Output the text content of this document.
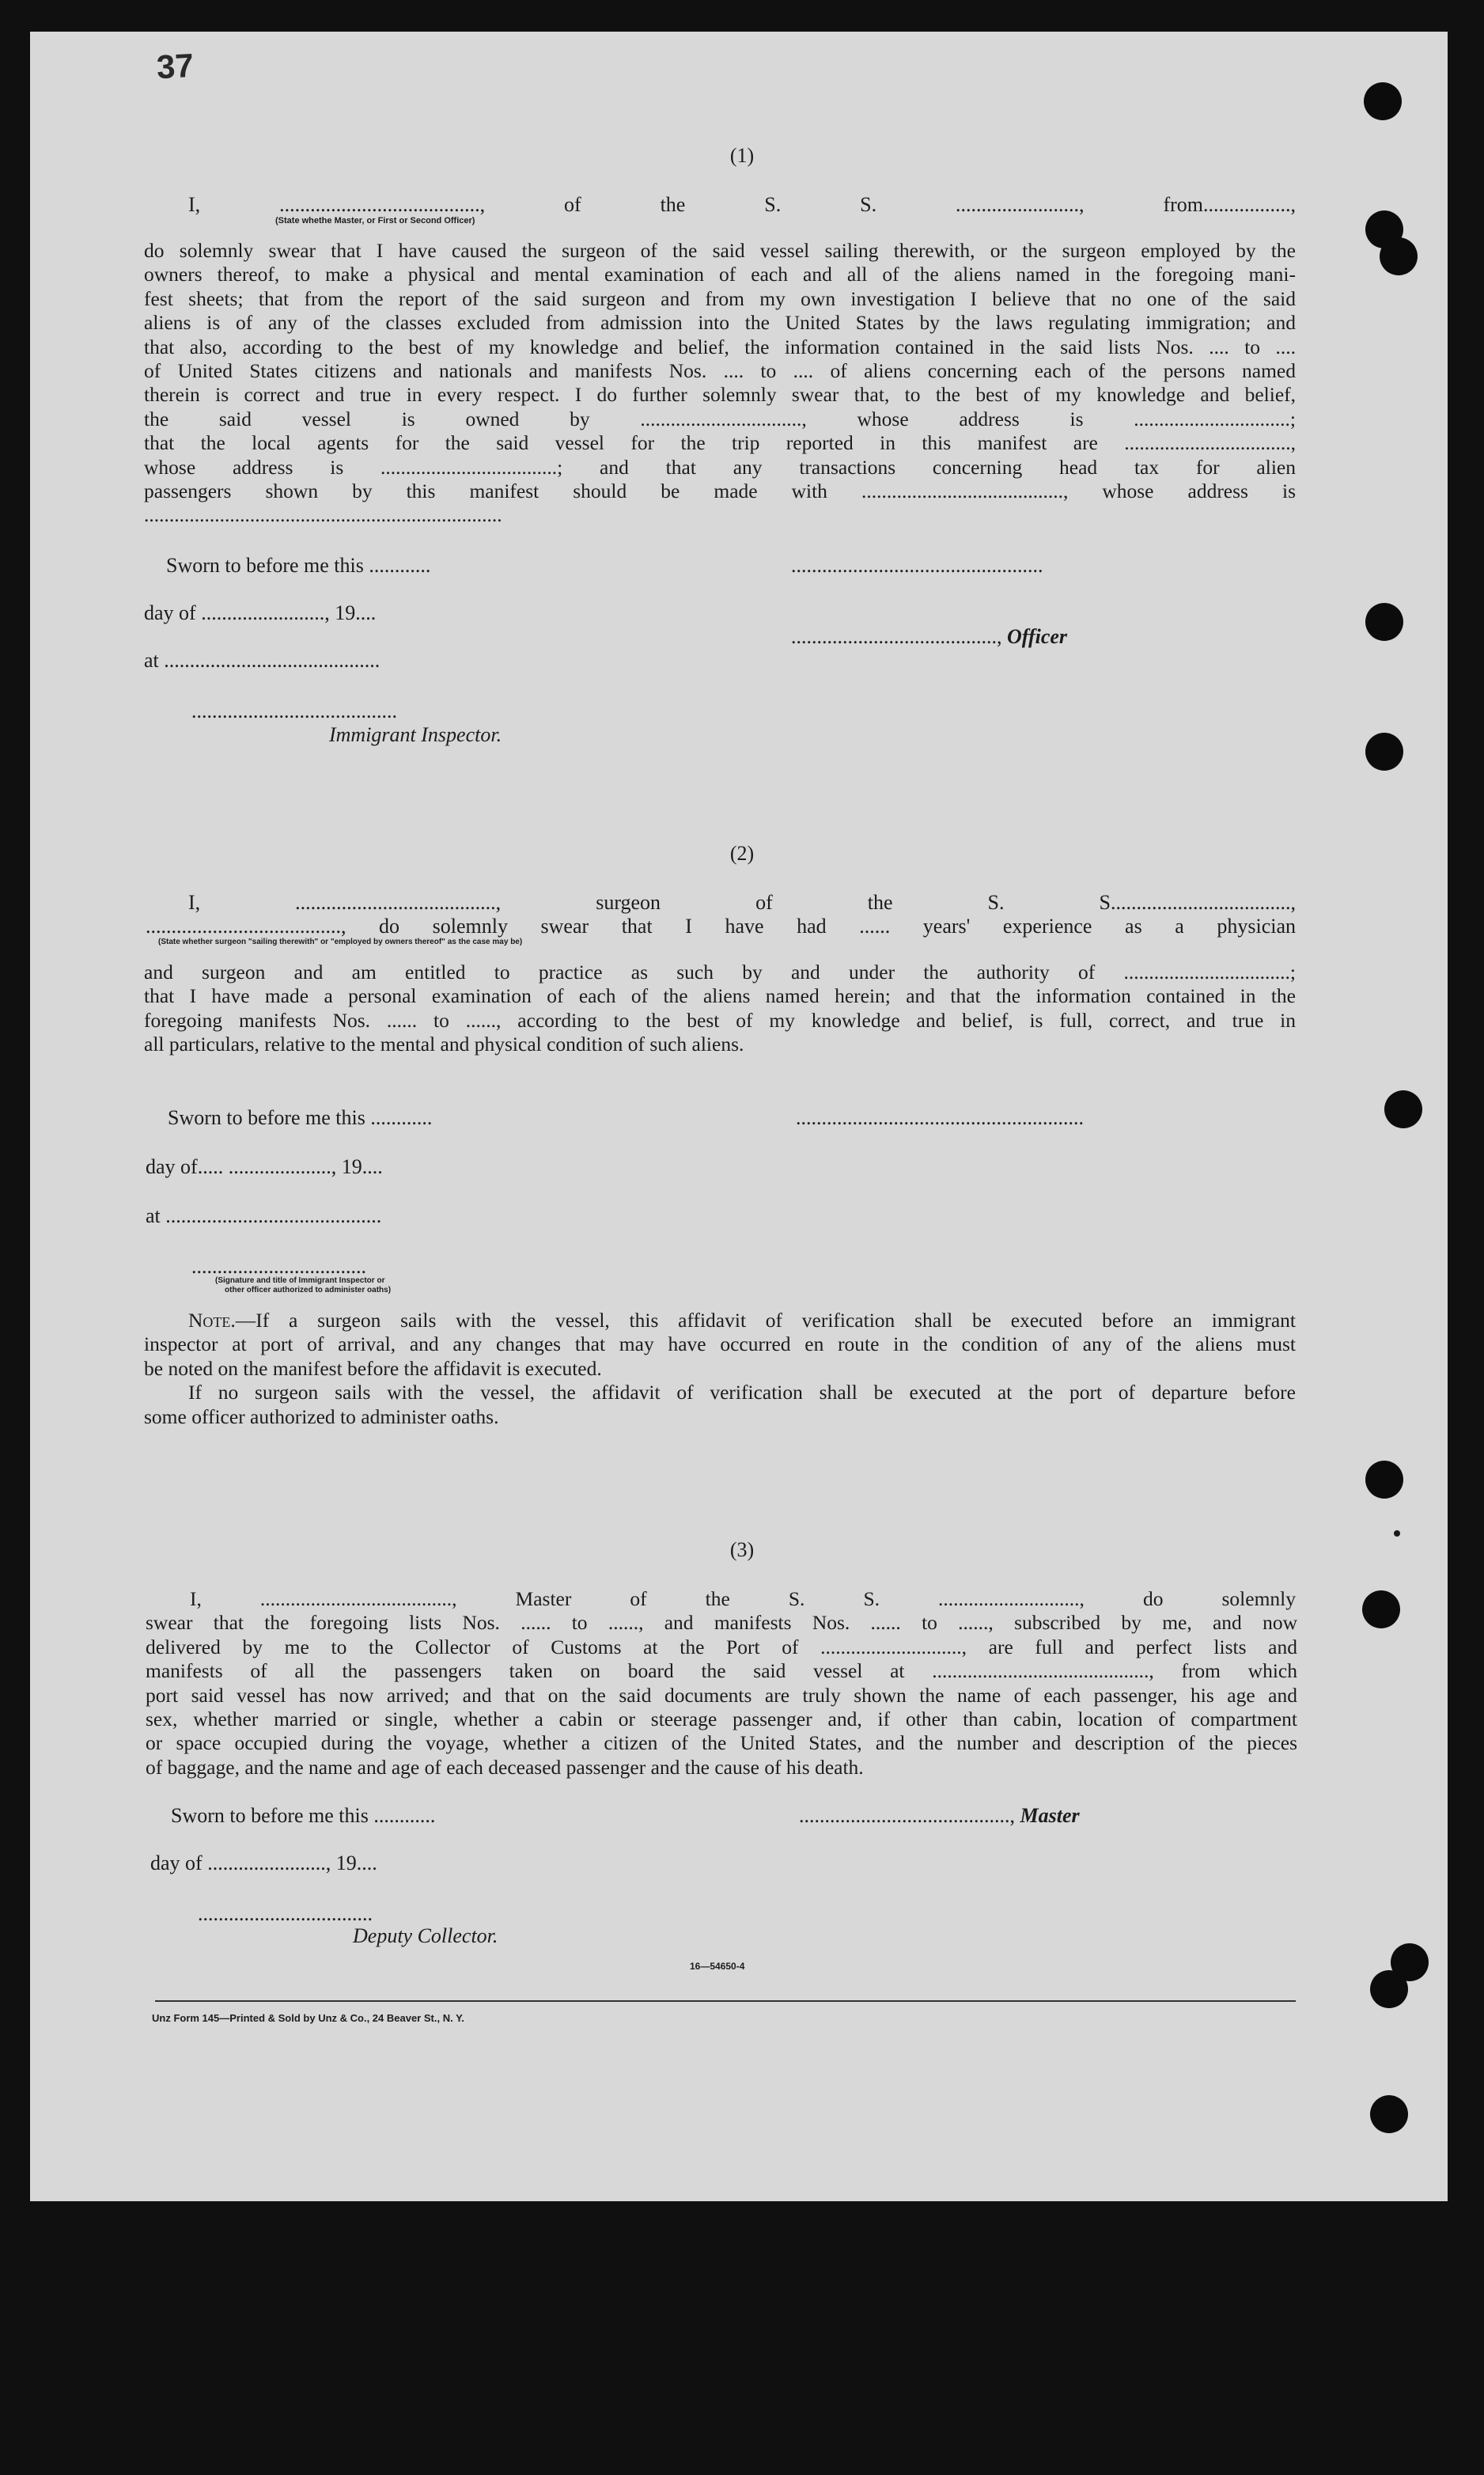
37

(1)

I, ......................................., of the S. S. ........................, from.................,

(State whethe Master, or First or Second Officer)

do solemnly swear that I have caused the surgeon of the said vessel sailing therewith, or the surgeon employed by the
owners thereof, to make a physical and mental examination of each and all of the aliens named in the foregoing mani-
fest sheets; that from the report of the said surgeon and from my own investigation I believe that no one of the said
aliens is of any of the classes excluded from admission into the United States by the laws regulating immigration; and
that also, according to the best of my knowledge and belief, the information contained in the said lists Nos. .... to ....
of United States citizens and nationals and manifests Nos. .... to .... of aliens concerning each of the persons named
therein is correct and true in every respect. I do further solemnly swear that, to the best of my knowledge and belief,
the said vessel is owned by ................................, whose address is ...............................;
that the local agents for the said vessel for the trip reported in this manifest are .................................,
whose address is ...................................; and that any transactions concerning head tax for alien
passengers shown by this manifest should be made with ........................................, whose address is
.......................................................................

Sworn to before me this ............

day of ........................, 19....

at ..........................................

........................................

Immigrant Inspector.

.................................................

........................................, Officer

(2)

I, ......................................., surgeon of the S. S...................................,

......................................, do solemnly swear that I have had ...... years' experience as a physician

(State whether surgeon "sailing therewith" or "employed by owners thereof" as the case may be)

and surgeon and am entitled to practice as such by and under the authority of .................................;
that I have made a personal examination of each of the aliens named herein; and that the information contained in the
foregoing manifests Nos. ...... to ......, according to the best of my knowledge and belief, is full, correct, and true in
all particulars, relative to the mental and physical condition of such aliens.

Sworn to before me this ............

day of..... ...................., 19....

at ..........................................

..................................

(Signature and title of Immigrant Inspector or

other officer authorized to administer oaths)

........................................................

Note.—If a surgeon sails with the vessel, this affidavit of verification shall be executed before an immigrant
inspector at port of arrival, and any changes that may have occurred en route in the condition of any of the aliens must
be noted on the manifest before the affidavit is executed.
If no surgeon sails with the vessel, the affidavit of verification shall be executed at the port of departure before
some officer authorized to administer oaths.

(3)

I, ......................................, Master of the S. S. ............................, do solemnly
swear that the foregoing lists Nos. ...... to ......, and manifests Nos. ...... to ......, subscribed by me, and now
delivered by me to the Collector of Customs at the Port of ............................, are full and perfect lists and
manifests of all the passengers taken on board the said vessel at ..........................................., from which
port said vessel has now arrived; and that on the said documents are truly shown the name of each passenger, his age and
sex, whether married or single, whether a cabin or steerage passenger and, if other than cabin, location of compartment
or space occupied during the voyage, whether a citizen of the United States, and the number and description of the pieces
of baggage, and the name and age of each deceased passenger and the cause of his death.

Sworn to before me this ............

day of ......................., 19....

..................................

Deputy Collector.

........................................., Master

16—54650-4

Unz Form 145—Printed & Sold by Unz & Co., 24 Beaver St., N. Y.
